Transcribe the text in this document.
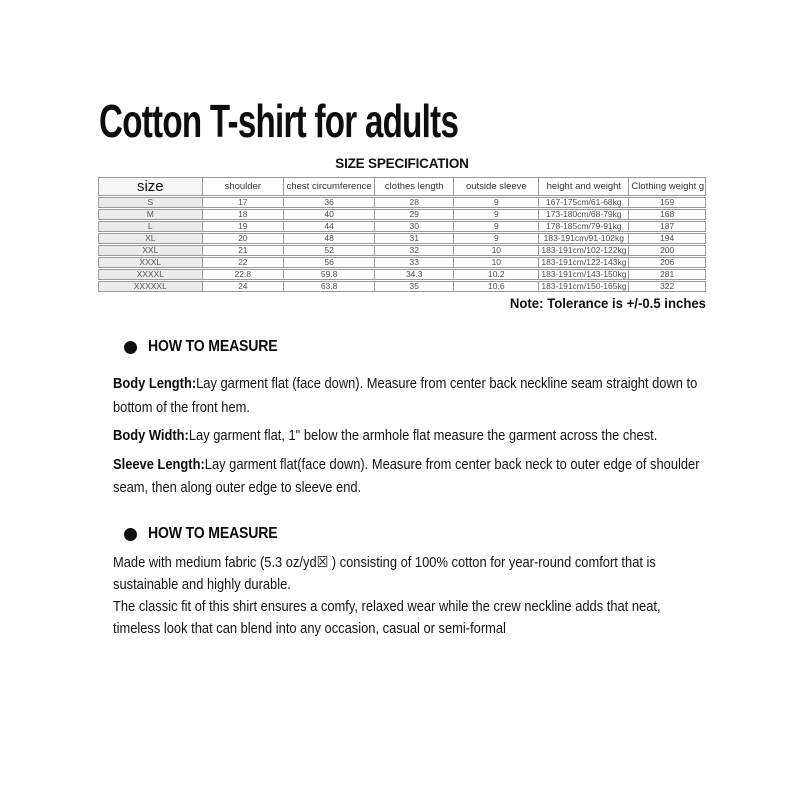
Cotton T-shirt for adults
SIZE SPECIFICATION
size	shoulder	chest circumference	clothes length	outside sleeve	height and weight	Clothing weight g
S	17	36	28	9	167-175cm/61-68kg	159
M	18	40	29	9	173-180cm/68-79kg	168
L	19	44	30	9	178-185cm/79-91kg	187
XL	20	48	31	9	183-191cm/91-102kg	194
XXL	21	52	32	10	183-191cm/102-122kg	200
XXXL	22	56	33	10	183-191cm/122-143kg	206
XXXXL	22.8	59.8	34.3	10.2	183-191cm/143-150kg	281
XXXXXL	24	63.8	35	10.6	183-191cm/150-165kg	322
Note: Tolerance is +/-0.5 inches
HOW TO MEASURE

Body Length:Lay garment flat (face down). Measure from center back neckline seam straight down to bottom of the front hem.

Body Width:Lay garment flat, 1" below the armhole flat measure the garment across the chest.

Sleeve Length:Lay garment flat(face down). Measure from center back neck to outer edge of shoulder seam, then along outer edge to sleeve end.

HOW TO MEASURE

Made with medium fabric (5.3 oz/yd☒ ) consisting of 100% cotton for year-round comfort that is sustainable and highly durable.

The classic fit of this shirt ensures a comfy, relaxed wear while the crew neckline adds that neat, timeless look that can blend into any occasion, casual or semi-formal
